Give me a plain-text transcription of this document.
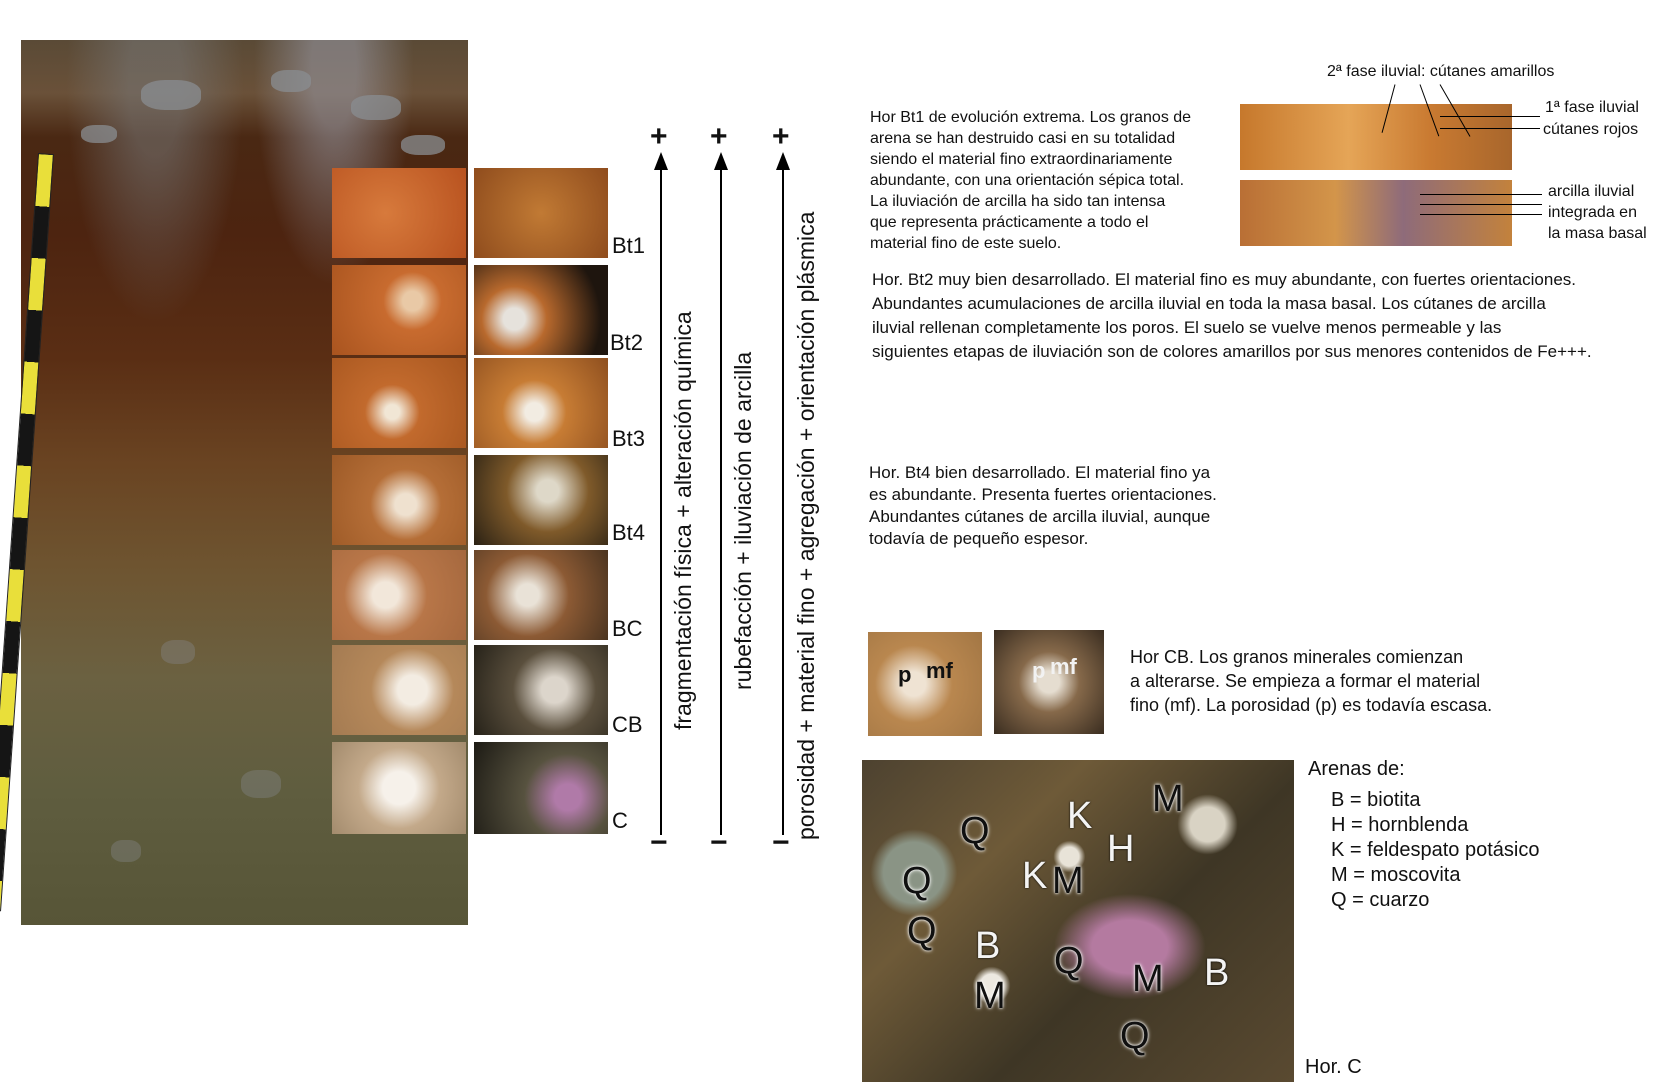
Bt1
Bt2
Bt3
Bt4
BC
CB
C
+ + +
− − −
fragmentación física + alteración química rubefacción + iluviación de arcilla porosidad + material fino + agregación + orientación plásmica
Hor Bt1 de evolución extrema. Los granos de
arena se han destruido casi en su totalidad
siendo el material fino extraordinariamente
abundante, con una orientación sépica total.
La iluviación de arcilla ha sido tan intensa
que representa prácticamente a todo el
material fino de este suelo.
2ª fase iluvial: cútanes amarillos
1ª fase iluvial
cútanes rojos
arcilla iluvial
integrada en
la masa basal
Hor. Bt2 muy bien desarrollado. El material fino es muy abundante, con fuertes orientaciones.
Abundantes acumulaciones de arcilla iluvial en toda la masa basal. Los cútanes de arcilla
iluvial rellenan completamente los poros. El suelo se vuelve menos permeable y las
siguientes etapas de iluviación son de colores amarillos por sus menores contenidos de Fe+++.
Hor. Bt4 bien desarrollado. El material fino ya
es abundante. Presenta fuertes orientaciones.
Abundantes cútanes de arcilla iluvial, aunque
todavía de pequeño espesor.
p mf	p mf	Hor CB. Los granos minerales comienzan
a alterarse. Se empieza a formar el material
fino (mf). La porosidad (p) es todavía escasa.
Q K M
H
K M
Q
Q B Q M B
M
Q
Arenas de:
B = biotita
H = hornblenda
K = feldespato potásico
M = moscovita
Q = cuarzo
Hor. C
